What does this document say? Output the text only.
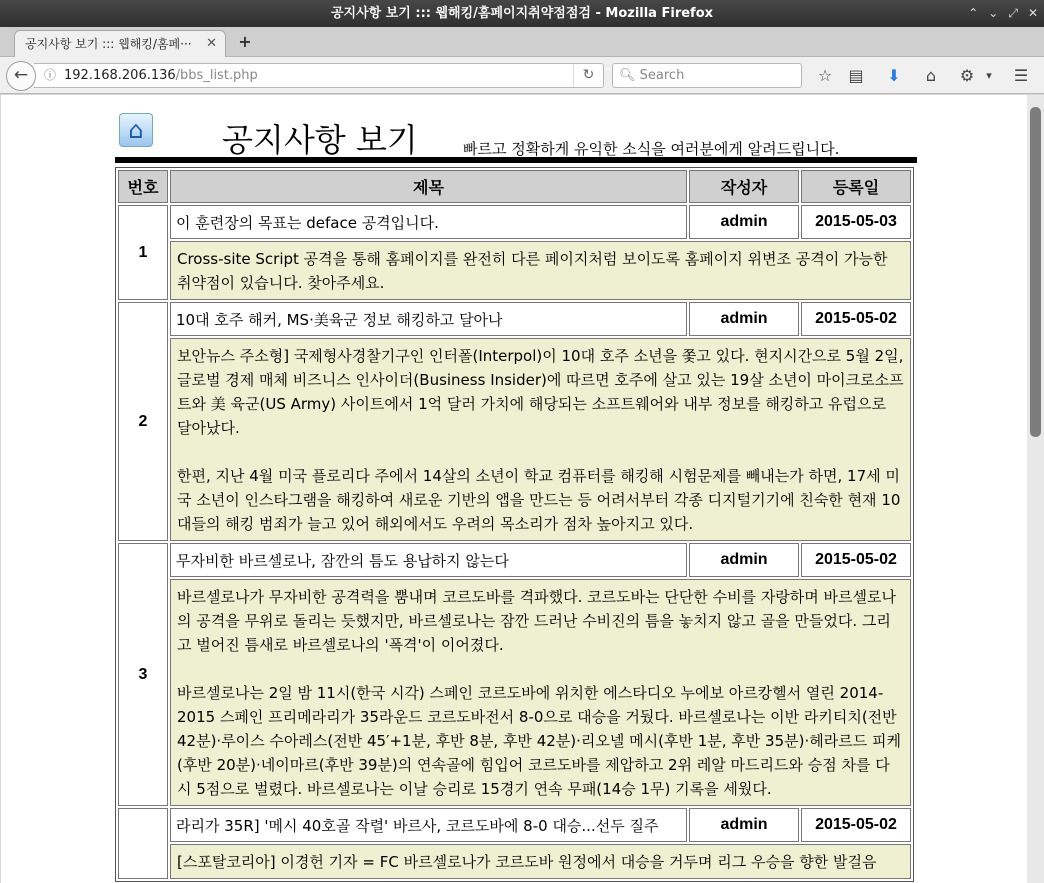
공지사항 보기 ::: 웹해킹/홈페이지취약점점검 - Mozilla Firefox	⌃ ⌄ ⤢ ✕
공지사항 보기 ::: 웹해킹/홈페··· ✕ +
ⓘ 192.168.206.136/bbs_list.php	↻
←	🔍︎ Search	☆ ▤ ⬇	⌂	⚙	▾	☰
⌂ 공지사항 보기	빠르고 정확하게 유익한 소식을 여러분에게 알려드립니다.
번호	제목	작성자	등록일
1	이 훈련장의 목표는 deface 공격입니다.	admin	2015-05-03

	Cross-site Script 공격을 통해 홈페이지를 완전히 다른 페이지처럼 보이도록 홈페이지 위변조 공격이 가능한 취약점이 있습니다. 찾아주세요.		

2	10대 호주 해커, MS·美육군 정보 해킹하고 달아나	admin	2015-05-02

	보안뉴스 주소형] 국제형사경찰기구인 인터폴(Interpol)이 10대 호주 소년을 쫓고 있다. 현지시간으로 5월 2일, 글로벌 경제 매체 비즈니스 인사이더(Business Insider)에 따르면 호주에 살고 있는 19살 소년이 마이크로소프트와 美 육군(US Army) 사이트에서 1억 달러 가치에 해당되는 소프트웨어와 내부 정보를 해킹하고 유럽으로 달아났다.
한편, 지난 4월 미국 플로리다 주에서 14살의 소년이 학교 컴퓨터를 해킹해 시험문제를 빼내는가 하면, 17세 미국 소년이 인스타그램을 해킹하여 새로운 기반의 앱을 만드는 등 어려서부터 각종 디지털기기에 친숙한 현재 10대들의 해킹 범죄가 늘고 있어 해외에서도 우려의 목소리가 점차 높아지고 있다.		

3	무자비한 바르셀로나, 잠깐의 틈도 용납하지 않는다	admin	2015-05-02

	바르셀로나가 무자비한 공격력을 뿜내며 코르도바를 격파했다. 코르도바는 단단한 수비를 자랑하며 바르셀로나의 공격을 무위로 돌리는 듯했지만, 바르셀로나는 잠깐 드러난 수비진의 틈을 놓치지 않고 골을 만들었다. 그리고 벌어진 틈새로 바르셀로나의 '폭격'이 이어졌다.
바르셀로나는 2일 밤 11시(한국 시각) 스페인 코르도바에 위치한 에스타디오 누에보 아르캉헬서 열린 2014-2015 스페인 프리메라리가 35라운드 코르도바전서 8-0으로 대승을 거뒀다. 바르셀로나는 이반 라키티치(전반 42분)·루이스 수아레스(전반 45′+1분, 후반 8분, 후반 42분)·리오넬 메시(후반 1분, 후반 35분)·헤라르드 피케(후반 20분)·네이마르(후반 39분)의 연속골에 힘입어 코르도바를 제압하고 2위 레알 마드리드와 승점 차를 다시 5점으로 벌렸다. 바르셀로나는 이날 승리로 15경기 연속 무패(14승 1무) 기록을 세웠다.		

	라리가 35R] '메시 40호골 작렬' 바르사, 코르도바에 8-0 대승...선두 질주	admin	2015-05-02

	[스포탈코리아] 이경헌 기자 = FC 바르셀로나가 코르도바 원정에서 대승을 거두며 리그 우승을 향한 발걸음		
